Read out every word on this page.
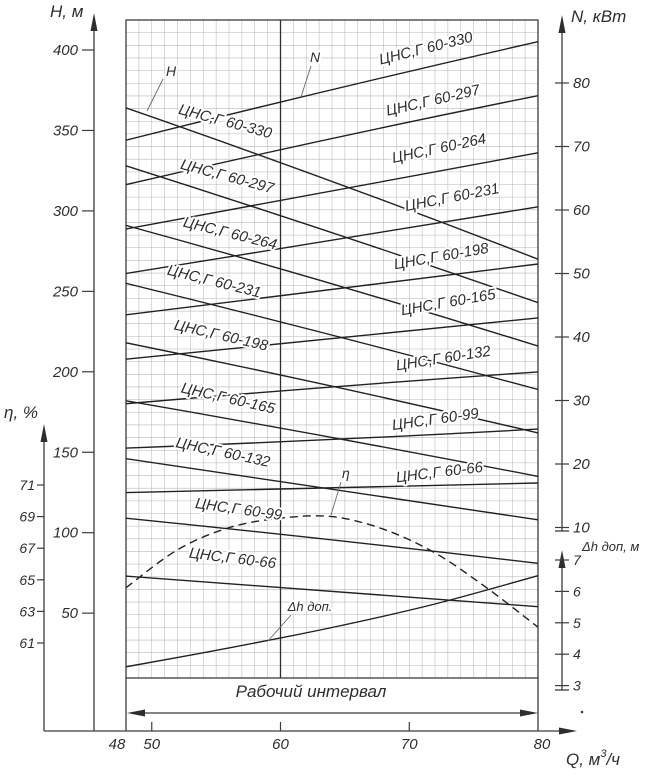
Н, м
η, %
N, кВт
Δh доп, м
Q, $м^3/ч$
400
350
300
250
200
150
100
50
71
69
67
65
63
61
80
70
60
50
40
30
20
10
7
6
5
4
3
48 50	60	70	80
ЦНС,Г 60-330
ЦНС,Г 60-297
ЦНС,Г 60-264
ЦНС,Г 60-231
ЦНС,Г 60-198
ЦНС,Г 60-165
ЦНС,Г 60-132
ЦНС,Г 60-99
ЦНС,Г 60-66
ЦНС,Г 60-330
ЦНС,Г 60-297
ЦНС,Г 60-264
ЦНС,Г 60-231
ЦНС,Г 60-198
ЦНС,Г 60-165
ЦНС,Г 60-132
ЦНС,Г 60-99
ЦНС,Г 60-66
Рабочий интервал
Н
N
η
Δh доп.
